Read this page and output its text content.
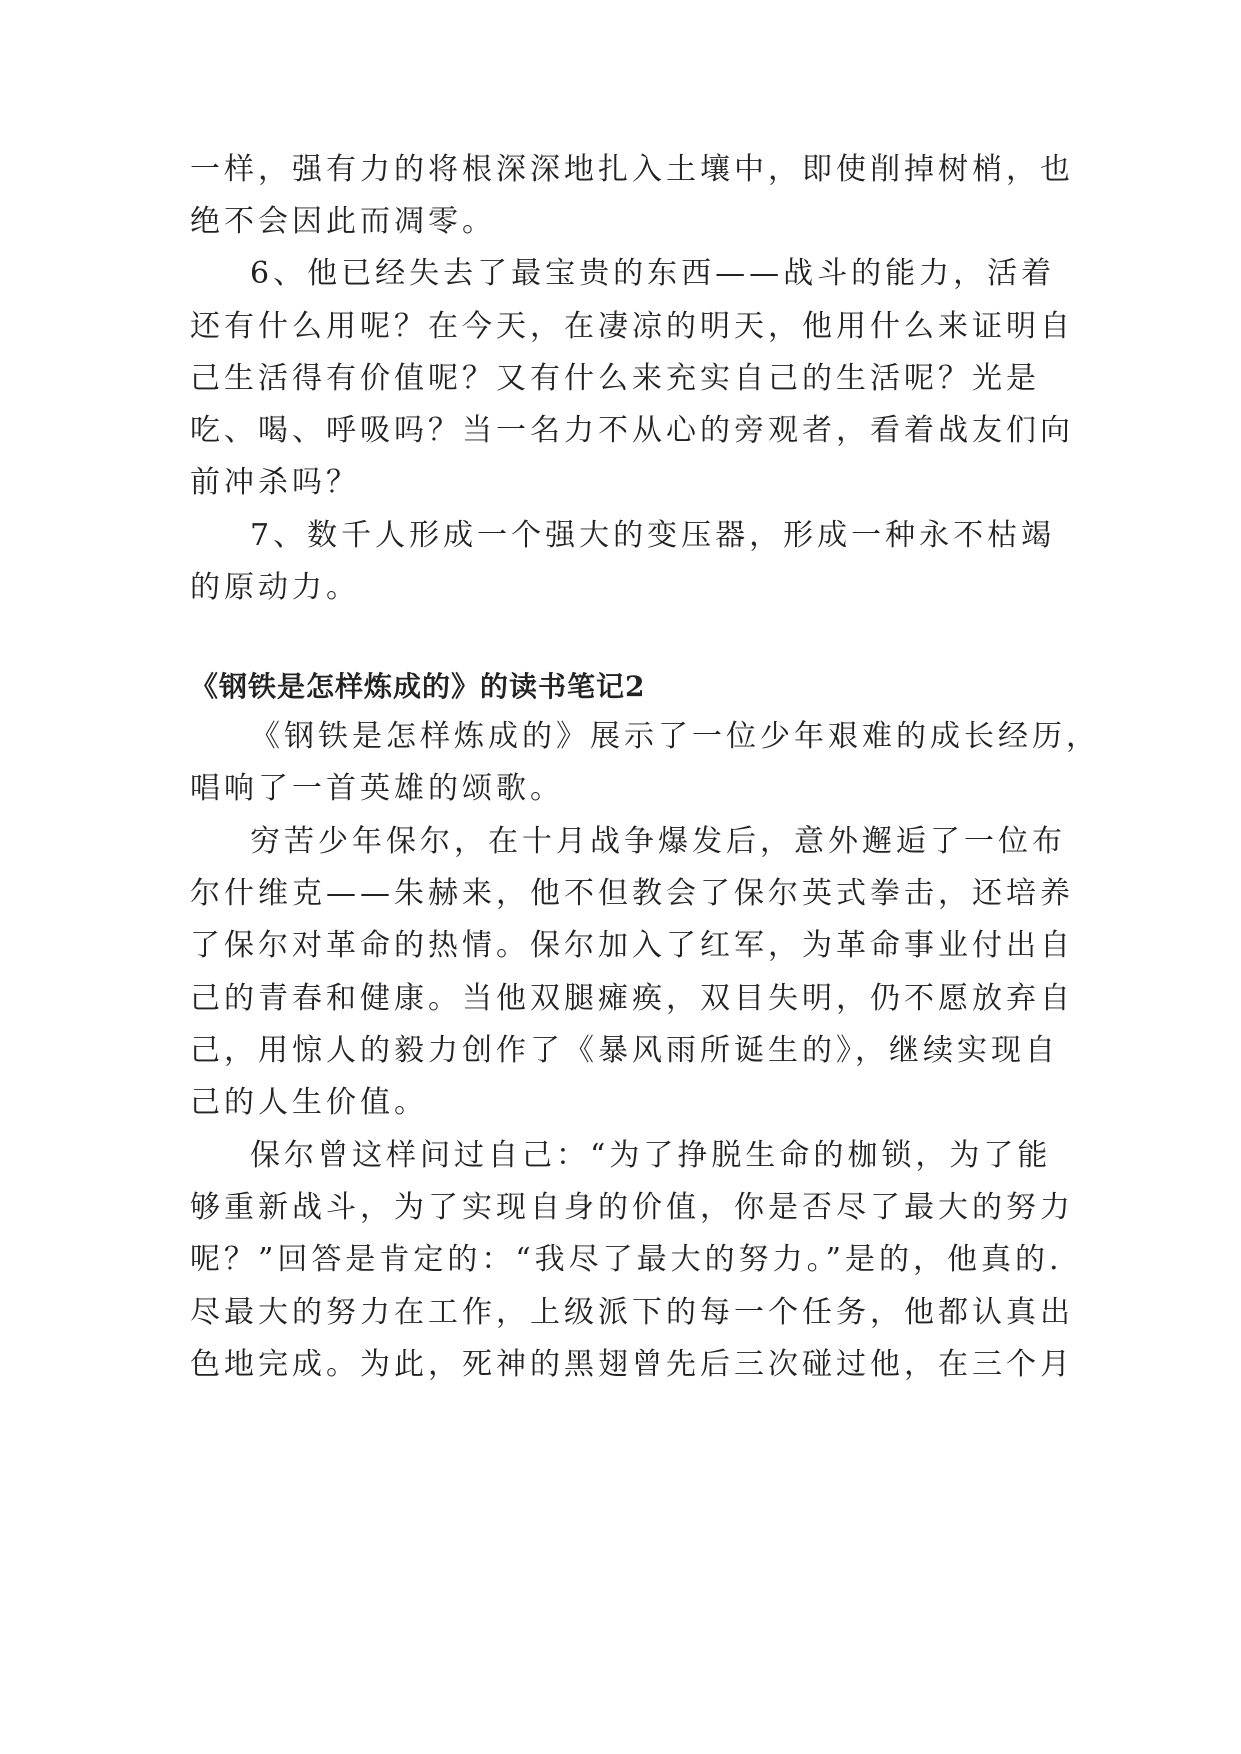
一样，强有力的将根深深地扎入土壤中，即使削掉树梢，也

绝不会因此而凋零。

6、他已经失去了最宝贵的东西——战斗的能力，活着

还有什么用呢？在今天，在凄凉的明天，他用什么来证明自

己生活得有价值呢？又有什么来充实自己的生活呢？光是

吃、喝、呼吸吗？当一名力不从心的旁观者，看着战友们向

前冲杀吗？

7、数千人形成一个强大的变压器，形成一种永不枯竭

的原动力。

《钢铁是怎样炼成的》的读书笔记2

《钢铁是怎样炼成的》展示了一位少年艰难的成长经历，

唱响了一首英雄的颂歌。

穷苦少年保尔，在十月战争爆发后，意外邂逅了一位布

尔什维克——朱赫来，他不但教会了保尔英式拳击，还培养

了保尔对革命的热情。保尔加入了红军，为革命事业付出自

己的青春和健康。当他双腿瘫痪，双目失明，仍不愿放弃自

己，用惊人的毅力创作了《暴风雨所诞生的》，继续实现自

己的人生价值。

保尔曾这样问过自己：“为了挣脱生命的枷锁，为了能

够重新战斗，为了实现自身的价值，你是否尽了最大的努力

呢？”回答是肯定的：“我尽了最大的努力。”是的，他真的.

尽最大的努力在工作，上级派下的每一个任务，他都认真出

色地完成。为此，死神的黑翅曾先后三次碰过他，在三个月
